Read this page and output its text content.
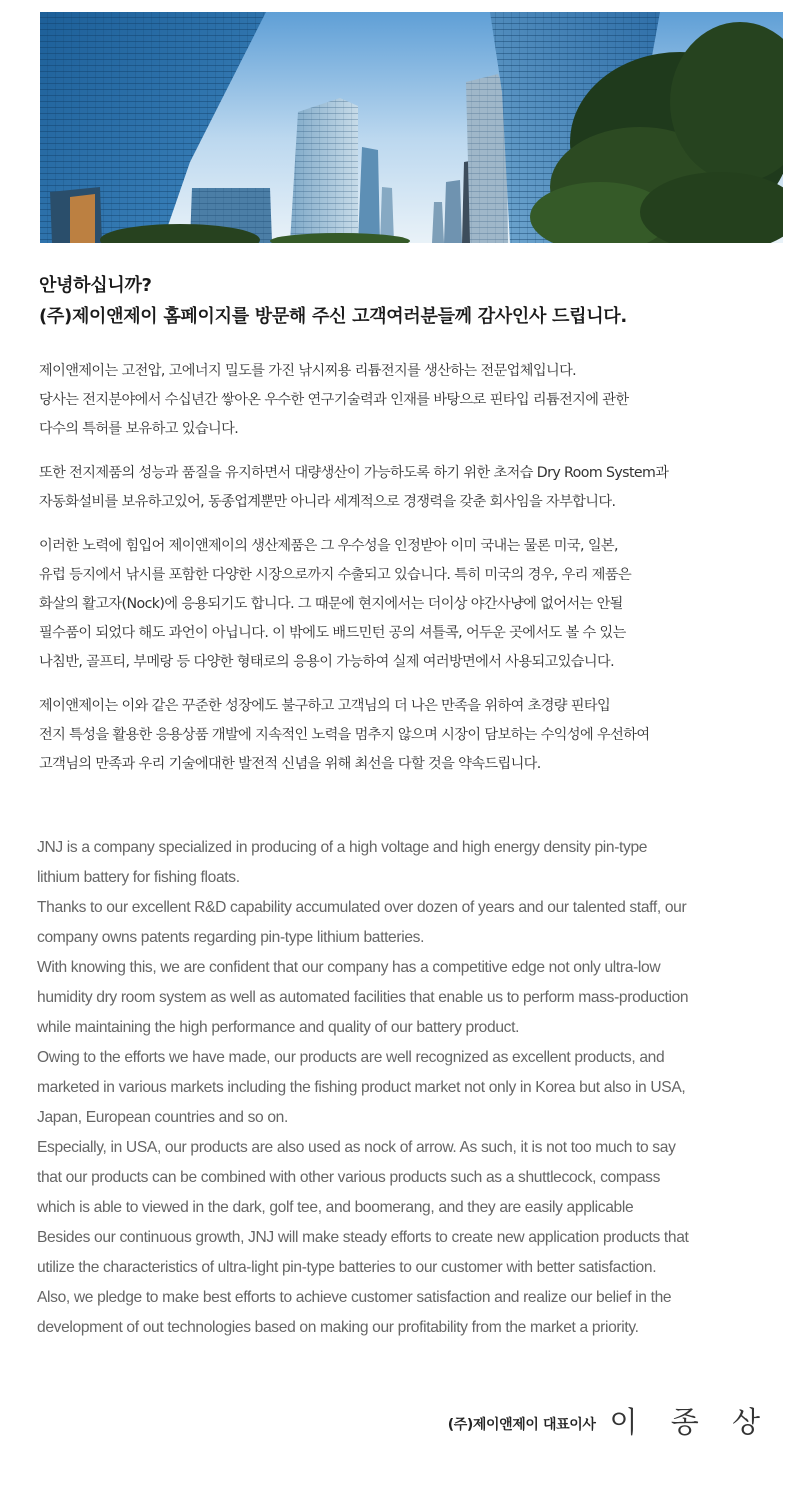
안녕하십니까?
(주)제이앤제이 홈페이지를 방문해 주신 고객여러분들께 감사인사 드립니다.
제이앤제이는 고전압, 고에너지 밀도를 가진 낚시찌용 리튬전지를 생산하는 전문업체입니다.
당사는 전지분야에서 수십년간 쌓아온 우수한 연구기술력과 인재를 바탕으로 핀타입 리튬전지에 관한
다수의 특허를 보유하고 있습니다.
또한 전지제품의 성능과 품질을 유지하면서 대량생산이 가능하도록 하기 위한 초저습 Dry Room System과
자동화설비를 보유하고있어, 동종업계뿐만 아니라 세계적으로 경쟁력을 갖춘 회사임을 자부합니다.
이러한 노력에 힘입어 제이앤제이의 생산제품은 그 우수성을 인정받아 이미 국내는 물론 미국, 일본,
유럽 등지에서 낚시를 포함한 다양한 시장으로까지 수출되고 있습니다. 특히 미국의 경우, 우리 제품은
화살의 활고자(Nock)에 응용되기도 합니다. 그 때문에 현지에서는 더이상 야간사냥에 없어서는 안될
필수품이 되었다 해도 과언이 아닙니다. 이 밖에도 배드민턴 공의 셔틀콕, 어두운 곳에서도 볼 수 있는
나침반, 골프티, 부메랑 등 다양한 형태로의 응용이 가능하여 실제 여러방면에서 사용되고있습니다.
제이앤제이는 이와 같은 꾸준한 성장에도 불구하고 고객님의 더 나은 만족을 위하여 초경량 핀타입
전지 특성을 활용한 응용상품 개발에 지속적인 노력을 멈추지 않으며 시장이 담보하는 수익성에 우선하여
고객님의 만족과 우리 기술에대한 발전적 신념을 위해 최선을 다할 것을 약속드립니다.
JNJ is a company specialized in producing of a high voltage and high energy density pin-type
lithium battery for fishing floats.
Thanks to our excellent R&D capability accumulated over dozen of years and our talented staff, our
company owns patents regarding pin-type lithium batteries.
With knowing this, we are confident that our company has a competitive edge not only ultra-low
humidity dry room system as well as automated facilities that enable us to perform mass-production
while maintaining the high performance and quality of our battery product.
Owing to the efforts we have made, our products are well recognized as excellent products, and
marketed in various markets including the fishing product market not only in Korea but also in USA,
Japan, European countries and so on.
Especially, in USA, our products are also used as nock of arrow. As such, it is not too much to say
that our products can be combined with other various products such as a shuttlecock, compass
which is able to viewed in the dark, golf tee, and boomerang, and they are easily applicable
Besides our continuous growth, JNJ will make steady efforts to create new application products that
utilize the characteristics of ultra-light pin-type batteries to our customer with better satisfaction.
Also, we pledge to make best efforts to achieve customer satisfaction and realize our belief in the
development of out technologies based on making our profitability from the market a priority.
(주)제이앤제이 대표이사 이 종 상
